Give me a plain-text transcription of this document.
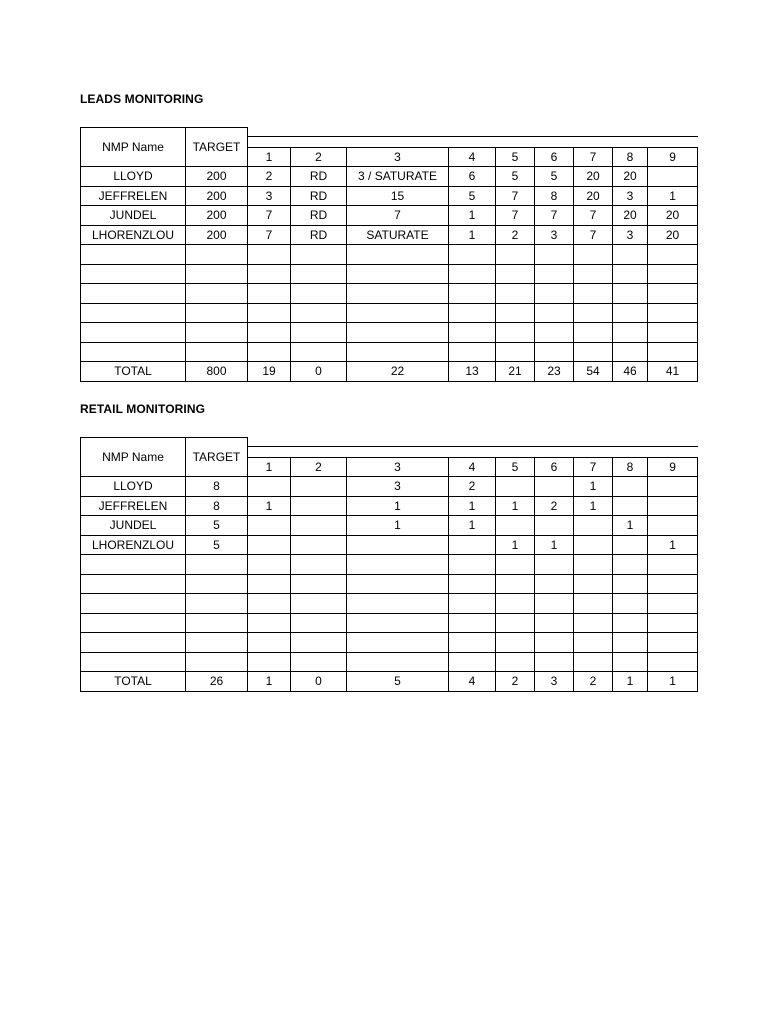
LEADS MONITORING
NMP Name	TARGET									

		1	2	3	4	5	6	7	8	9
LLOYD	200	2	RD	3 / SATURATE	6	5	5	20	20	
JEFFRELEN	200	3	RD	15	5	7	8	20	3	1
JUNDEL	200	7	RD	7	1	7	7	7	20	20
LHORENZLOU	200	7	RD	SATURATE	1	2	3	7	3	20

TOTAL	800	19	0	22	13	21	23	54	46	41
RETAIL MONITORING
NMP Name	TARGET									

		1	2	3	4	5	6	7	8	9
LLOYD	8			3	2			1		
JEFFRELEN	8	1		1	1	1	2	1		
JUNDEL	5			1	1				1	
LHORENZLOU	5					1	1			1

TOTAL	26	1	0	5	4	2	3	2	1	1
